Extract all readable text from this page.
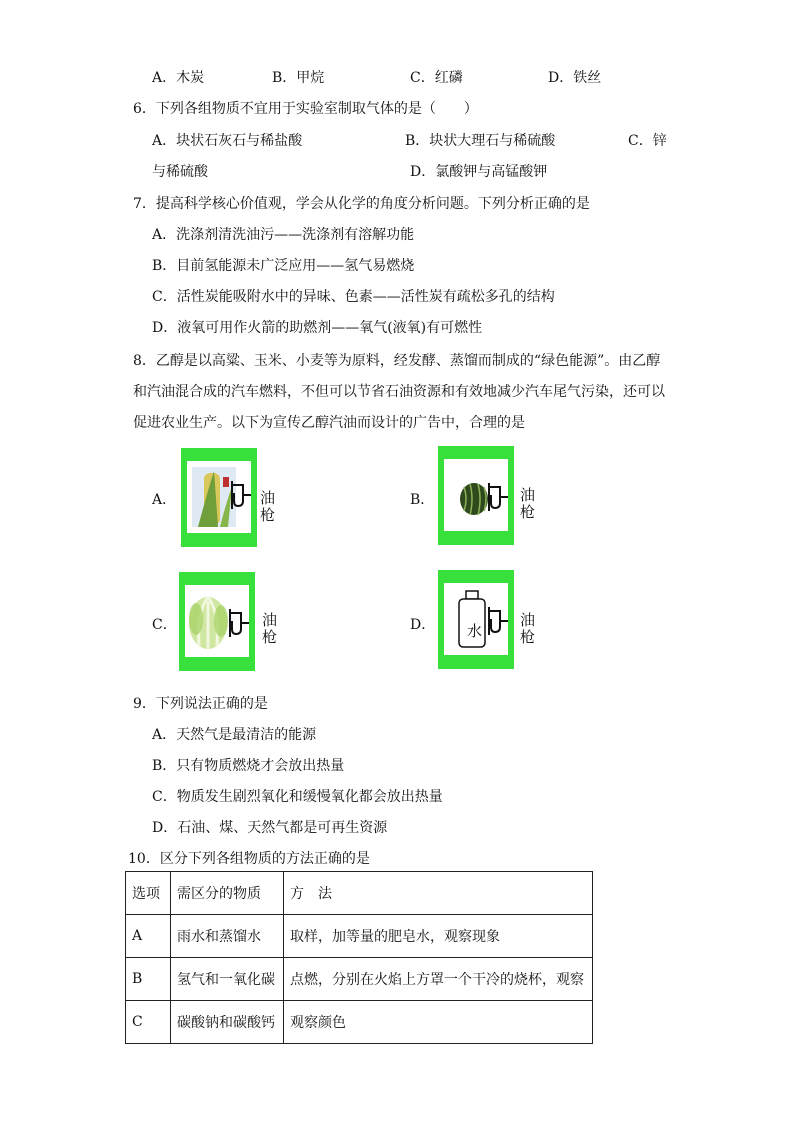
A．木炭	B．甲烷	C．红磷	D．铁丝
6．下列各组物质不宜用于实验室制取气体的是（　　）
A．块状石灰石与稀盐酸	B．块状大理石与稀硫酸	C．锌
与稀硫酸	D．氯酸钾与高锰酸钾
7．提高科学核心价值观，学会从化学的角度分析问题。下列分析正确的是
A．洗涤剂清洗油污——洗涤剂有溶解功能
B．目前氢能源未广泛应用——氢气易燃烧
C．活性炭能吸附水中的异味、色素——活性炭有疏松多孔的结构
D．液氧可用作火箭的助燃剂——氧气(液氧)有可燃性
8．乙醇是以高粱、玉米、小麦等为原料，经发酵、蒸馏而制成的“绿色能源”。由乙醇
和汽油混合成的汽车燃料，不但可以节省石油资源和有效地减少汽车尾气污染，还可以
促进农业生产。以下为宣传乙醇汽油而设计的广告中，合理的是
A．	油枪
B．	油枪
C．	油枪
D． 水
油枪
9．下列说法正确的是
A．天然气是最清洁的能源
B．只有物质燃烧才会放出热量
C．物质发生剧烈氧化和缓慢氧化都会放出热量
D．石油、煤、天然气都是可再生资源
10．区分下列各组物质的方法正确的是
选项	需区分的物质	方　法
A	雨水和蒸馏水	取样，加等量的肥皂水，观察现象
B	氢气和一氧化碳	点燃，分别在火焰上方罩一个干冷的烧杯，观察
C	碳酸钠和碳酸钙	观察颜色
